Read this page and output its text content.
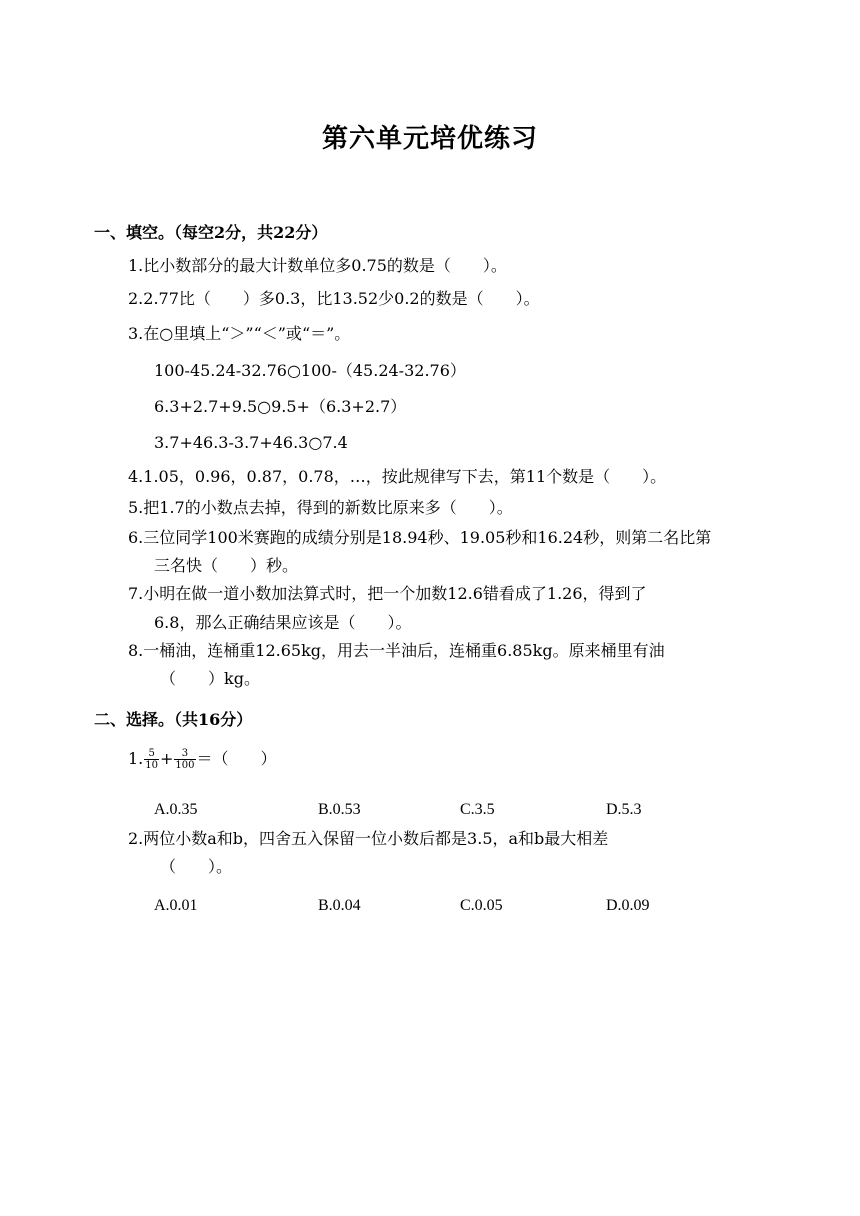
第六单元培优练习
一、填空。（每空2分，共22分）
1.比小数部分的最大计数单位多0.75的数是（　　）。
2.2.77比（　　）多0.3，比13.52少0.2的数是（　　）。
3.在○里填上“＞”“＜”或“＝”。
100-45.24-32.76○100-（45.24-32.76）
6.3+2.7+9.5○9.5+（6.3+2.7）
3.7+46.3-3.7+46.3○7.4
4.1.05，0.96，0.87，0.78，…，按此规律写下去，第11个数是（　　）。
5.把1.7的小数点去掉，得到的新数比原来多（　　）。
6.三位同学100米赛跑的成绩分别是18.94秒、19.05秒和16.24秒，则第二名比第
三名快（　　）秒。
7.小明在做一道小数加法算式时，把一个加数12.6错看成了1.26，得到了
6.8，那么正确结果应该是（　　）。
8.一桶油，连桶重12.65kg，用去一半油后，连桶重6.85kg。原来桶里有油
（　　）kg。
二、选择。（共16分）
1. $\frac{5}{10} + \frac{3}{100}$ ＝（　　）
A.0.35	B.0.53	C.3.5	D.5.3
2.两位小数a和b，四舍五入保留一位小数后都是3.5，a和b最大相差
（　　）。
A.0.01	B.0.04	C.0.05	D.0.09
